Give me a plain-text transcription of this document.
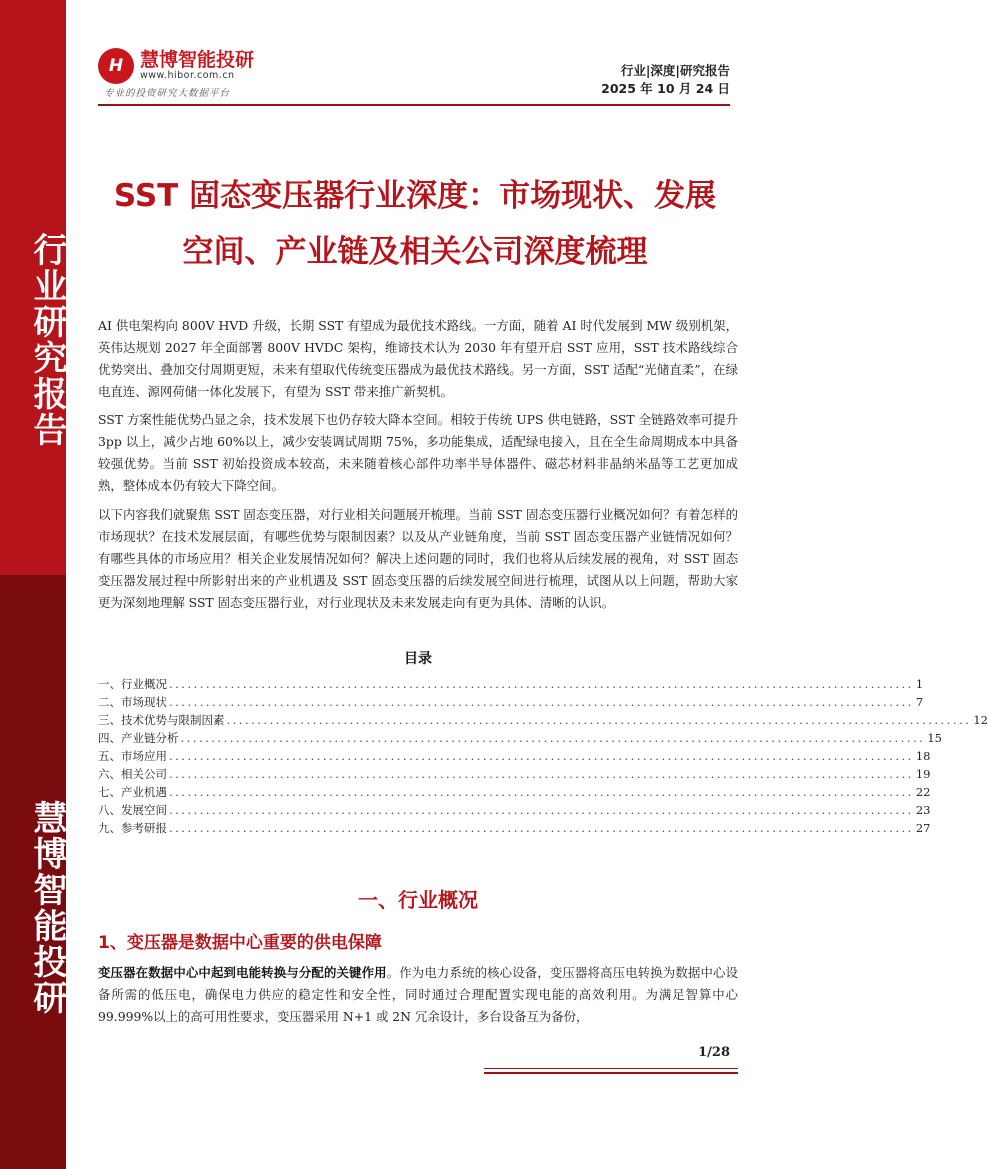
行业研究报告
慧博智能投研
H 慧博智能投研
www.hibor.com.cn
专业的投资研究大数据平台
行业|深度|研究报告
2025 年 10 月 24 日
SST 固态变压器行业深度：市场现状、发展
空间、产业链及相关公司深度梳理

AI 供电架构向 800V HVD 升级，长期 SST 有望成为最优技术路线。一方面，随着 AI 时代发展到 MW 级别机架，英伟达规划 2027 年全面部署 800V HVDC 架构，维谛技术认为 2030 年有望开启 SST 应用，SST 技术路线综合优势突出、叠加交付周期更短，未来有望取代传统变压器成为最优技术路线。另一方面，SST 适配“光储直柔”，在绿电直连、源网荷储一体化发展下，有望为 SST 带来推广新契机。

SST 方案性能优势凸显之余，技术发展下也仍存较大降本空间。相较于传统 UPS 供电链路，SST 全链路效率可提升 3pp 以上，减少占地 60%以上，减少安装调试周期 75%，多功能集成，适配绿电接入，且在全生命周期成本中具备较强优势。当前 SST 初始投资成本较高，未来随着核心部件功率半导体器件、磁芯材料非晶纳米晶等工艺更加成熟，整体成本仍有较大下降空间。

以下内容我们就聚焦 SST 固态变压器，对行业相关问题展开梳理。当前 SST 固态变压器行业概况如何？有着怎样的市场现状？在技术发展层面，有哪些优势与限制因素？以及从产业链角度，当前 SST 固态变压器产业链情况如何？有哪些具体的市场应用？相关企业发展情况如何？解决上述问题的同时，我们也将从后续发展的视角，对 SST 固态变压器发展过程中所影射出来的产业机遇及 SST 固态变压器的后续发展空间进行梳理，试图从以上问题，帮助大家更为深刻地理解 SST 固态变压器行业，对行业现状及未来发展走向有更为具体、清晰的认识。

目录
一、行业概况 ......................................................................................................................... 1
二、市场现状 ......................................................................................................................... 7
三、技术优势与限制因素 ......................................................................................................................... 12
四、产业链分析 ......................................................................................................................... 15
五、市场应用 ......................................................................................................................... 18
六、相关公司 ......................................................................................................................... 19
七、产业机遇 ......................................................................................................................... 22
八、发展空间 ......................................................................................................................... 23
九、参考研报 ......................................................................................................................... 27
一、行业概况
1、变压器是数据中心重要的供电保障

变压器在数据中心中起到电能转换与分配的关键作用。作为电力系统的核心设备，变压器将高压电转换为数据中心设备所需的低压电，确保电力供应的稳定性和安全性，同时通过合理配置实现电能的高效利用。为满足智算中心 99.999%以上的高可用性要求，变压器采用 N+1 或 2N 冗余设计，多台设备互为备份，

1/28
